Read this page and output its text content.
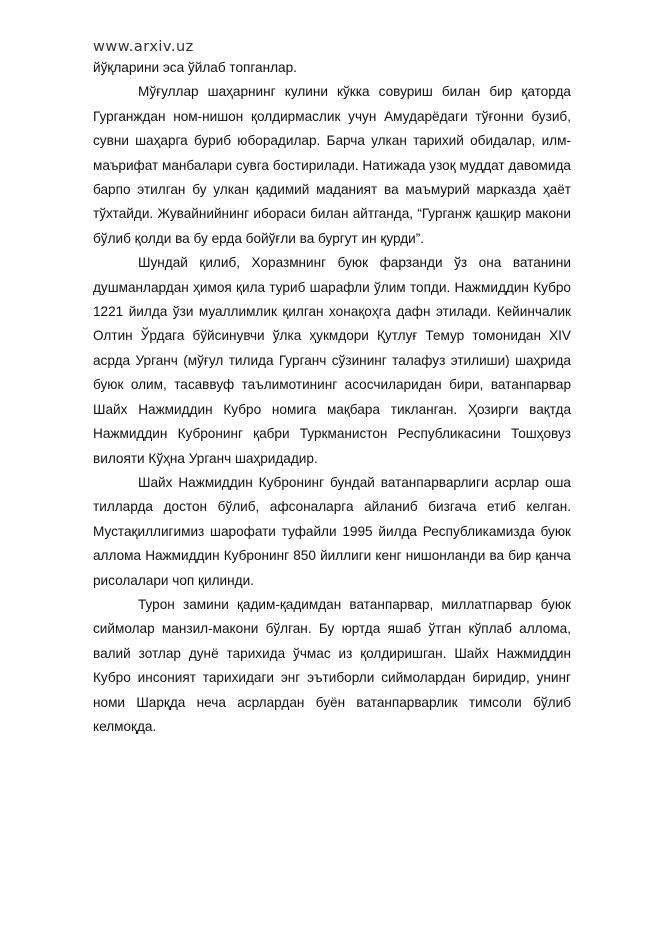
www.arxiv.uz

йўқларини эса ўйлаб топганлар.

Мўғуллар шаҳарнинг кулини кўкка совуриш билан бир қаторда Гурганждан ном-нишон қолдирмаслик учун Амударёдаги тўғонни бузиб, сувни шаҳарга буриб юборадилар. Барча улкан тарихий обидалар, илм-маърифат манбалари сувга бостирилади. Натижада узоқ муддат давомида барпо этилган бу улкан қадимий маданият ва маъмурий марказда ҳаёт тўхтайди. Жувайнийнинг ибораси билан айтганда, “Гурганж қашқир макони бўлиб қолди ва бу ерда бойўғли ва бургут ин қурди”.

Шундай қилиб, Хоразмнинг буюк фарзанди ўз она ватанини душманлардан ҳимоя қила туриб шарафли ўлим топди. Нажмиддин Кубро 1221 йилда ўзи муаллимлик қилган хонақоҳга дафн этилади. Кейинчалик Олтин Ўрдага бўйсинувчи ўлка ҳукмдори Қутлуғ Темур томонидан XIV асрда Урганч (мўғул тилида Гурганч сўзининг талафуз этилиши) шаҳрида буюк олим, тасаввуф таълимотининг асосчиларидан бири, ватанпарвар Шайх Нажмиддин Кубро номига мақбара тикланган. Ҳозирги вақтда Нажмиддин Кубронинг қабри Туркманистон Республикасини Тошҳовуз вилояти Кўҳна Урганч шаҳридадир.

Шайх Нажмиддин Кубронинг бундай ватанпарварлиги асрлар оша тилларда достон бўлиб, афсоналарга айланиб бизгача етиб келган. Мустақиллигимиз шарофати туфайли 1995 йилда Республикамизда буюк аллома Нажмиддин Кубронинг 850 йиллиги кенг нишонланди ва бир қанча рисолалари чоп қилинди.

Турон замини қадим-қадимдан ватанпарвар, миллатпарвар буюк сиймолар манзил-макони бўлган. Бу юртда яшаб ўтган кўплаб аллома, валий зотлар дунё тарихида ўчмас из қолдиришган. Шайх Нажмиддин Кубро инсоният тарихидаги энг эътиборли сиймолардан биридир, унинг номи Шарқда неча асрлардан буён ватанпарварлик тимсоли бўлиб келмоқда.
